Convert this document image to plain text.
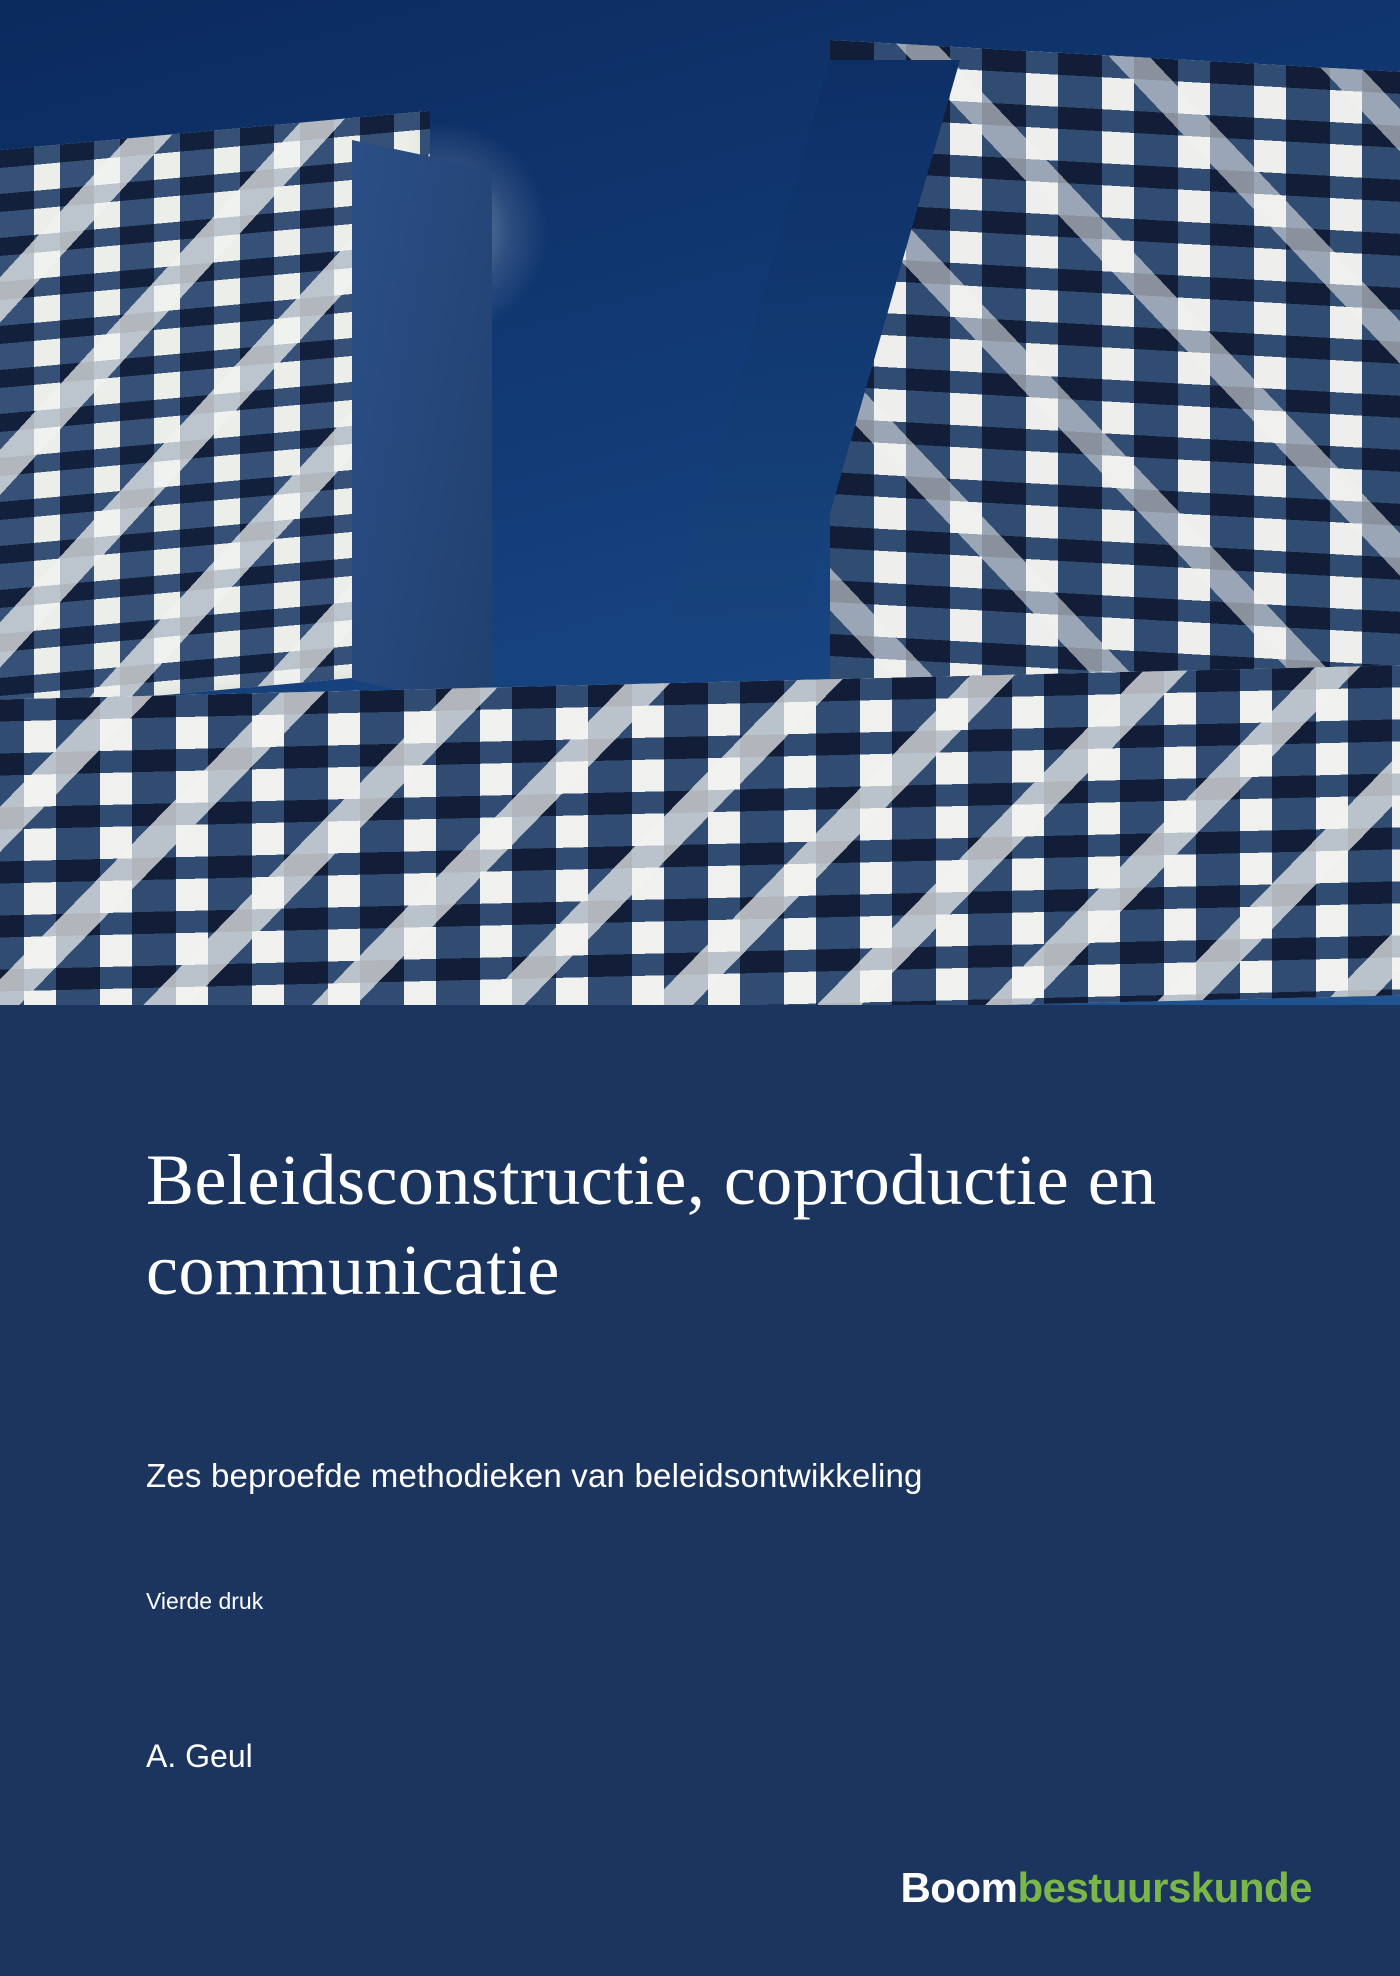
Beleidsconstructie, coproductie en communicatie
Zes beproefde methodieken van beleidsontwikkeling
Vierde druk
A. Geul
Boombestuurskunde
